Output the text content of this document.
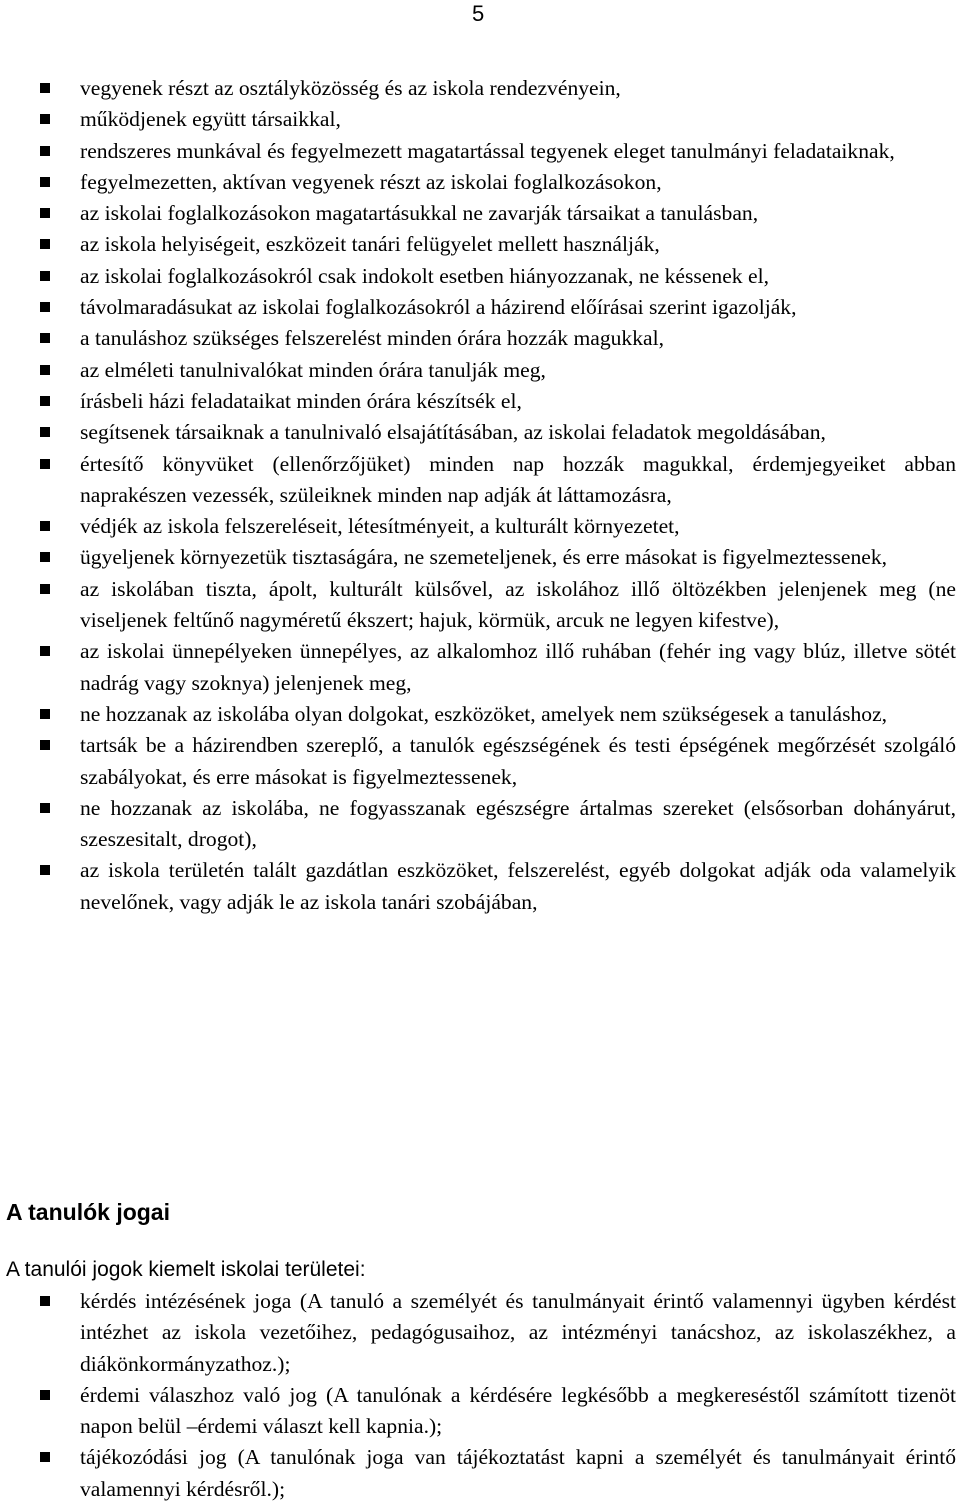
5
vegyenek részt az osztályközösség és az iskola rendezvényein,
működjenek együtt társaikkal,
rendszeres munkával és fegyelmezett magatartással tegyenek eleget tanulmányi feladataiknak,
fegyelmezetten, aktívan vegyenek részt az iskolai foglalkozásokon,
az iskolai foglalkozásokon magatartásukkal ne zavarják társaikat a tanulásban,
az iskola helyiségeit, eszközeit tanári felügyelet mellett használják,
az iskolai foglalkozásokról csak indokolt esetben hiányozzanak, ne késsenek el,
távolmaradásukat az iskolai foglalkozásokról a házirend előírásai szerint igazolják,
a tanuláshoz szükséges felszerelést minden órára hozzák magukkal,
az elméleti tanulnivalókat minden órára tanulják meg,
írásbeli házi feladataikat minden órára készítsék el,
segítsenek társaiknak a tanulnivaló elsajátításában, az iskolai feladatok megoldásában,
értesítő könyvüket (ellenőrzőjüket) minden nap hozzák magukkal, érdemjegyeiket abban naprakészen vezessék, szüleiknek minden nap adják át láttamozásra,
védjék az iskola felszereléseit, létesítményeit, a kulturált környezetet,
ügyeljenek környezetük tisztaságára, ne szemeteljenek, és erre másokat is figyelmeztessenek,
az iskolában tiszta, ápolt, kulturált külsővel, az iskolához illő öltözékben jelenjenek meg (ne viseljenek feltűnő nagyméretű ékszert; hajuk, körmük, arcuk ne legyen kifestve),
az iskolai ünnepélyeken ünnepélyes, az alkalomhoz illő ruhában (fehér ing vagy blúz, illetve sötét nadrág vagy szoknya) jelenjenek meg,
ne hozzanak az iskolába olyan dolgokat, eszközöket, amelyek nem szükségesek a tanuláshoz,
tartsák be a házirendben szereplő, a tanulók egészségének és testi épségének megőrzését szolgáló szabályokat, és erre másokat is figyelmeztessenek,
ne hozzanak az iskolába, ne fogyasszanak egészségre ártalmas szereket (elsősorban dohányárut, szeszesitalt, drogot),
az iskola területén talált gazdátlan eszközöket, felszerelést, egyéb dolgokat adják oda valamelyik nevelőnek, vagy adják le az iskola tanári szobájában,
A tanulók jogai

A tanulói jogok kiemelt iskolai területei:

kérdés intézésének joga (A tanuló a személyét és tanulmányait érintő valamennyi ügyben kérdést intézhet az iskola vezetőihez, pedagógusaihoz, az intézményi tanácshoz, az iskolaszékhez, a diákönkormányzathoz.);
érdemi válaszhoz való jog (A tanulónak a kérdésére legkésőbb a megkereséstől számított tizenöt napon belül –érdemi választ kell kapnia.);
tájékozódási jog (A tanulónak joga van tájékoztatást kapni a személyét és tanulmányait érintő valamennyi kérdésről.);
